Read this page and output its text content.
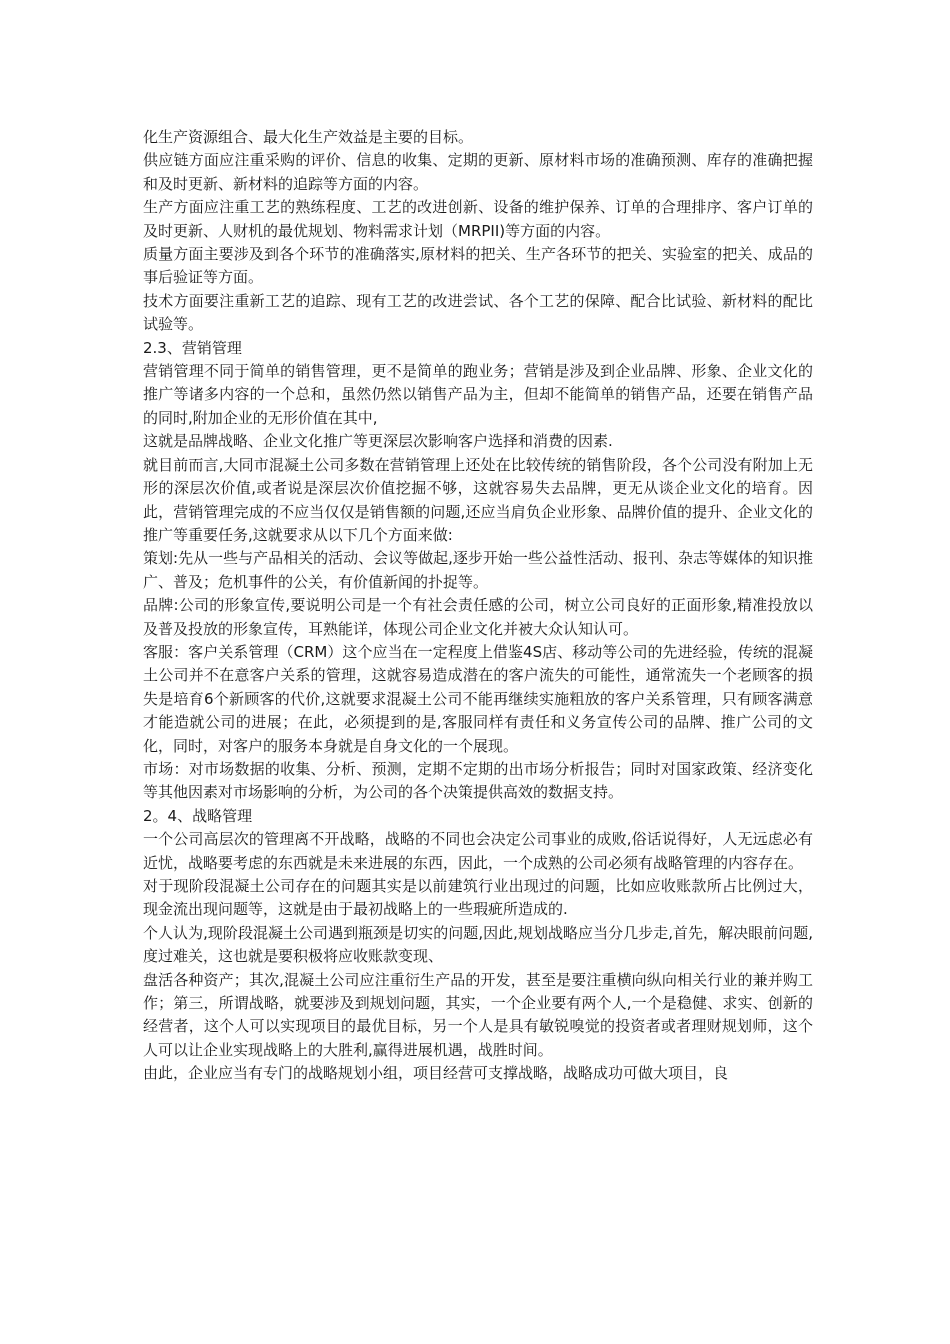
化生产资源组合、最大化生产效益是主要的目标。

供应链方面应注重采购的评价、信息的收集、定期的更新、原材料市场的准确预测、库存的准确把握和及时更新、新材料的追踪等方面的内容。

生产方面应注重工艺的熟练程度、工艺的改进创新、设备的维护保养、订单的合理排序、客户订单的及时更新、人财机的最优规划、物料需求计划（MRPII)等方面的内容。

质量方面主要涉及到各个环节的准确落实,原材料的把关、生产各环节的把关、实验室的把关、成品的事后验证等方面。

技术方面要注重新工艺的追踪、现有工艺的改进尝试、各个工艺的保障、配合比试验、新材料的配比试验等。

2.3、营销管理

营销管理不同于简单的销售管理，更不是简单的跑业务；营销是涉及到企业品牌、形象、企业文化的推广等诸多内容的一个总和，虽然仍然以销售产品为主，但却不能简单的销售产品，还要在销售产品的同时,附加企业的无形价值在其中,

这就是品牌战略、企业文化推广等更深层次影响客户选择和消费的因素.

就目前而言,大同市混凝土公司多数在营销管理上还处在比较传统的销售阶段，各个公司没有附加上无形的深层次价值,或者说是深层次价值挖掘不够，这就容易失去品牌，更无从谈企业文化的培育。因此，营销管理完成的不应当仅仅是销售额的问题,还应当肩负企业形象、品牌价值的提升、企业文化的推广等重要任务,这就要求从以下几个方面来做:

策划:先从一些与产品相关的活动、会议等做起,逐步开始一些公益性活动、报刊、杂志等媒体的知识推广、普及；危机事件的公关，有价值新闻的扑捉等。

品牌:公司的形象宣传,要说明公司是一个有社会责任感的公司，树立公司良好的正面形象,精准投放以及普及投放的形象宣传，耳熟能详，体现公司企业文化并被大众认知认可。

客服：客户关系管理（CRM）这个应当在一定程度上借鉴4S店、移动等公司的先进经验，传统的混凝土公司并不在意客户关系的管理，这就容易造成潜在的客户流失的可能性，通常流失一个老顾客的损失是培育6个新顾客的代价,这就要求混凝土公司不能再继续实施粗放的客户关系管理，只有顾客满意才能造就公司的进展；在此，必须提到的是,客服同样有责任和义务宣传公司的品牌、推广公司的文化，同时，对客户的服务本身就是自身文化的一个展现。

市场：对市场数据的收集、分析、预测，定期不定期的出市场分析报告；同时对国家政策、经济变化等其他因素对市场影响的分析，为公司的各个决策提供高效的数据支持。

2。4、战略管理

一个公司高层次的管理离不开战略，战略的不同也会决定公司事业的成败,俗话说得好，人无远虑必有近忧，战略要考虑的东西就是未来进展的东西，因此，一个成熟的公司必须有战略管理的内容存在。

对于现阶段混凝土公司存在的问题其实是以前建筑行业出现过的问题，比如应收账款所占比例过大，现金流出现问题等，这就是由于最初战略上的一些瑕疵所造成的.

个人认为,现阶段混凝土公司遇到瓶颈是切实的问题,因此,规划战略应当分几步走,首先，解决眼前问题,度过难关，这也就是要积极将应收账款变现、

盘活各种资产；其次,混凝土公司应注重衍生产品的开发，甚至是要注重横向纵向相关行业的兼并购工作；第三，所谓战略，就要涉及到规划问题，其实，一个企业要有两个人,一个是稳健、求实、创新的经营者，这个人可以实现项目的最优目标，另一个人是具有敏锐嗅觉的投资者或者理财规划师，这个人可以让企业实现战略上的大胜利,赢得进展机遇，战胜时间。

由此，企业应当有专门的战略规划小组，项目经营可支撑战略，战略成功可做大项目，良
